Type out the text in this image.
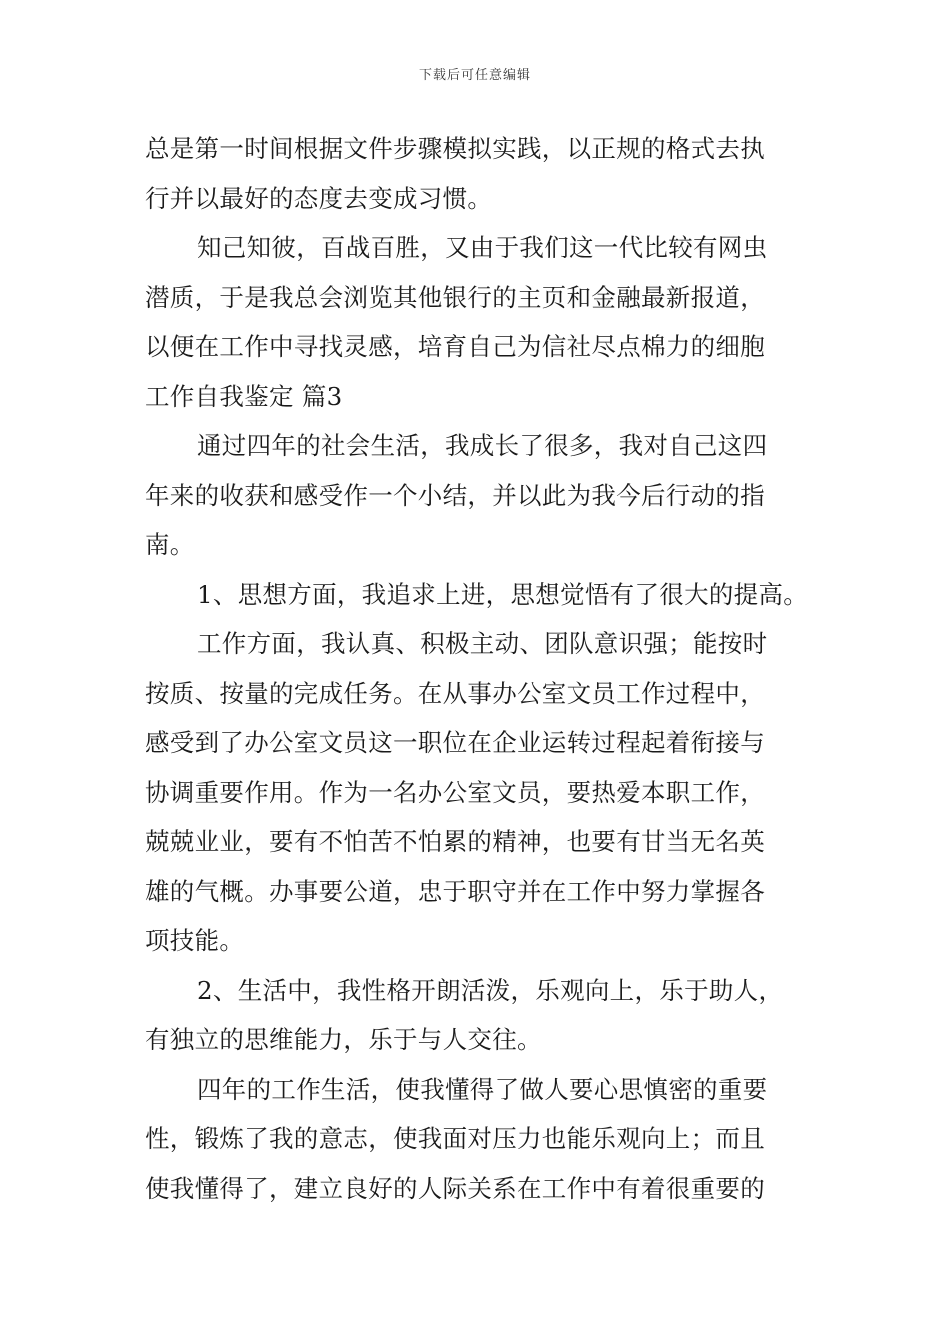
下载后可任意编辑
总是第一时间根据文件步骤模拟实践，以正规的格式去执
行并以最好的态度去变成习惯。
知己知彼，百战百胜，又由于我们这一代比较有网虫
潜质，于是我总会浏览其他银行的主页和金融最新报道，
以便在工作中寻找灵感，培育自己为信社尽点棉力的细胞
工作自我鉴定 篇3
通过四年的社会生活，我成长了很多，我对自己这四
年来的收获和感受作一个小结，并以此为我今后行动的指
南。
1、思想方面，我追求上进，思想觉悟有了很大的提高。
工作方面，我认真、积极主动、团队意识强；能按时
按质、按量的完成任务。在从事办公室文员工作过程中，
感受到了办公室文员这一职位在企业运转过程起着衔接与
协调重要作用。作为一名办公室文员，要热爱本职工作，
兢兢业业，要有不怕苦不怕累的精神，也要有甘当无名英
雄的气概。办事要公道，忠于职守并在工作中努力掌握各
项技能。
2、生活中，我性格开朗活泼，乐观向上，乐于助人，
有独立的思维能力，乐于与人交往。
四年的工作生活，使我懂得了做人要心思慎密的重要
性，锻炼了我的意志，使我面对压力也能乐观向上；而且
使我懂得了，建立良好的人际关系在工作中有着很重要的
